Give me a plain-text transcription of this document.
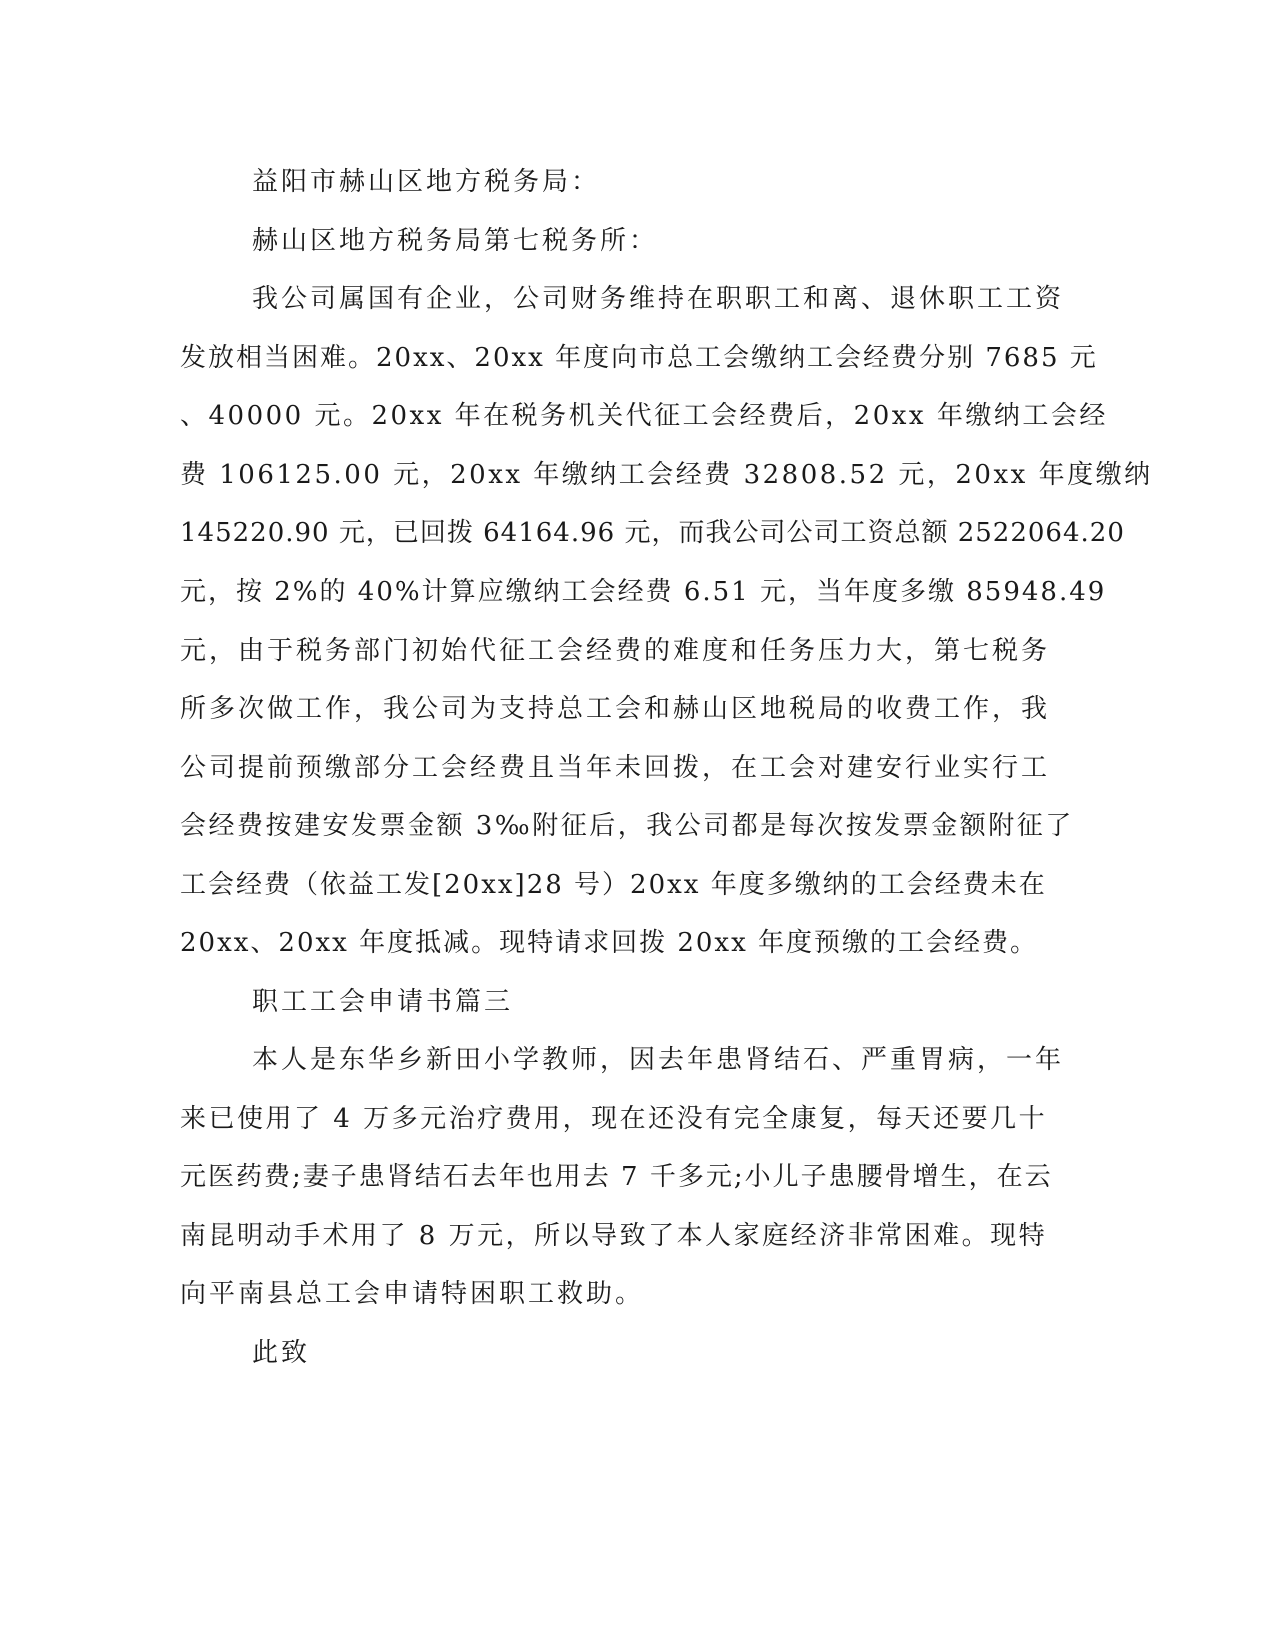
益阳市赫山区地方税务局：
赫山区地方税务局第七税务所：
我公司属国有企业，公司财务维持在职职工和离、退休职工工资
发放相当困难。20xx、20xx 年度向市总工会缴纳工会经费分别 7685 元
、40000 元。20xx 年在税务机关代征工会经费后，20xx 年缴纳工会经
费 106125.00 元，20xx 年缴纳工会经费 32808.52 元，20xx 年度缴纳
145220.90 元，已回拨 64164.96 元，而我公司公司工资总额 2522064.20
元，按 2%的 40%计算应缴纳工会经费 6.51 元，当年度多缴 85948.49
元，由于税务部门初始代征工会经费的难度和任务压力大，第七税务
所多次做工作，我公司为支持总工会和赫山区地税局的收费工作，我
公司提前预缴部分工会经费且当年未回拨，在工会对建安行业实行工
会经费按建安发票金额 3‰附征后，我公司都是每次按发票金额附征了
工会经费（依益工发[20xx]28 号）20xx 年度多缴纳的工会经费未在
20xx、20xx 年度抵减。现特请求回拨 20xx 年度预缴的工会经费。
职工工会申请书篇三
本人是东华乡新田小学教师，因去年患肾结石、严重胃病，一年
来已使用了 4 万多元治疗费用，现在还没有完全康复，每天还要几十
元医药费;妻子患肾结石去年也用去 7 千多元;小儿子患腰骨增生，在云
南昆明动手术用了 8 万元，所以导致了本人家庭经济非常困难。现特
向平南县总工会申请特困职工救助。
此致
